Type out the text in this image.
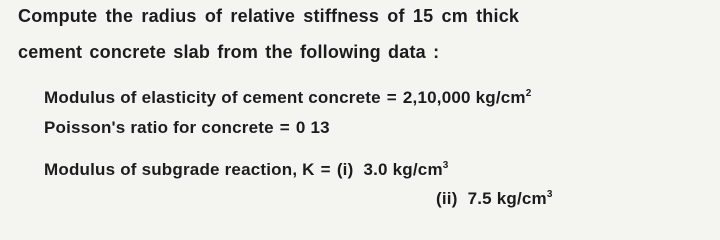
Compute the radius of relative stiffness of 15 cm thick
cement concrete slab from the following data :
Modulus of elasticity of cement concrete = 2,10,000 $kg/cm^2$
Poisson's ratio for concrete = 0 13
Modulus of subgrade reaction, K = (i) 3.0 $kg/cm^3$
(ii) 7.5 $kg/cm^3$
